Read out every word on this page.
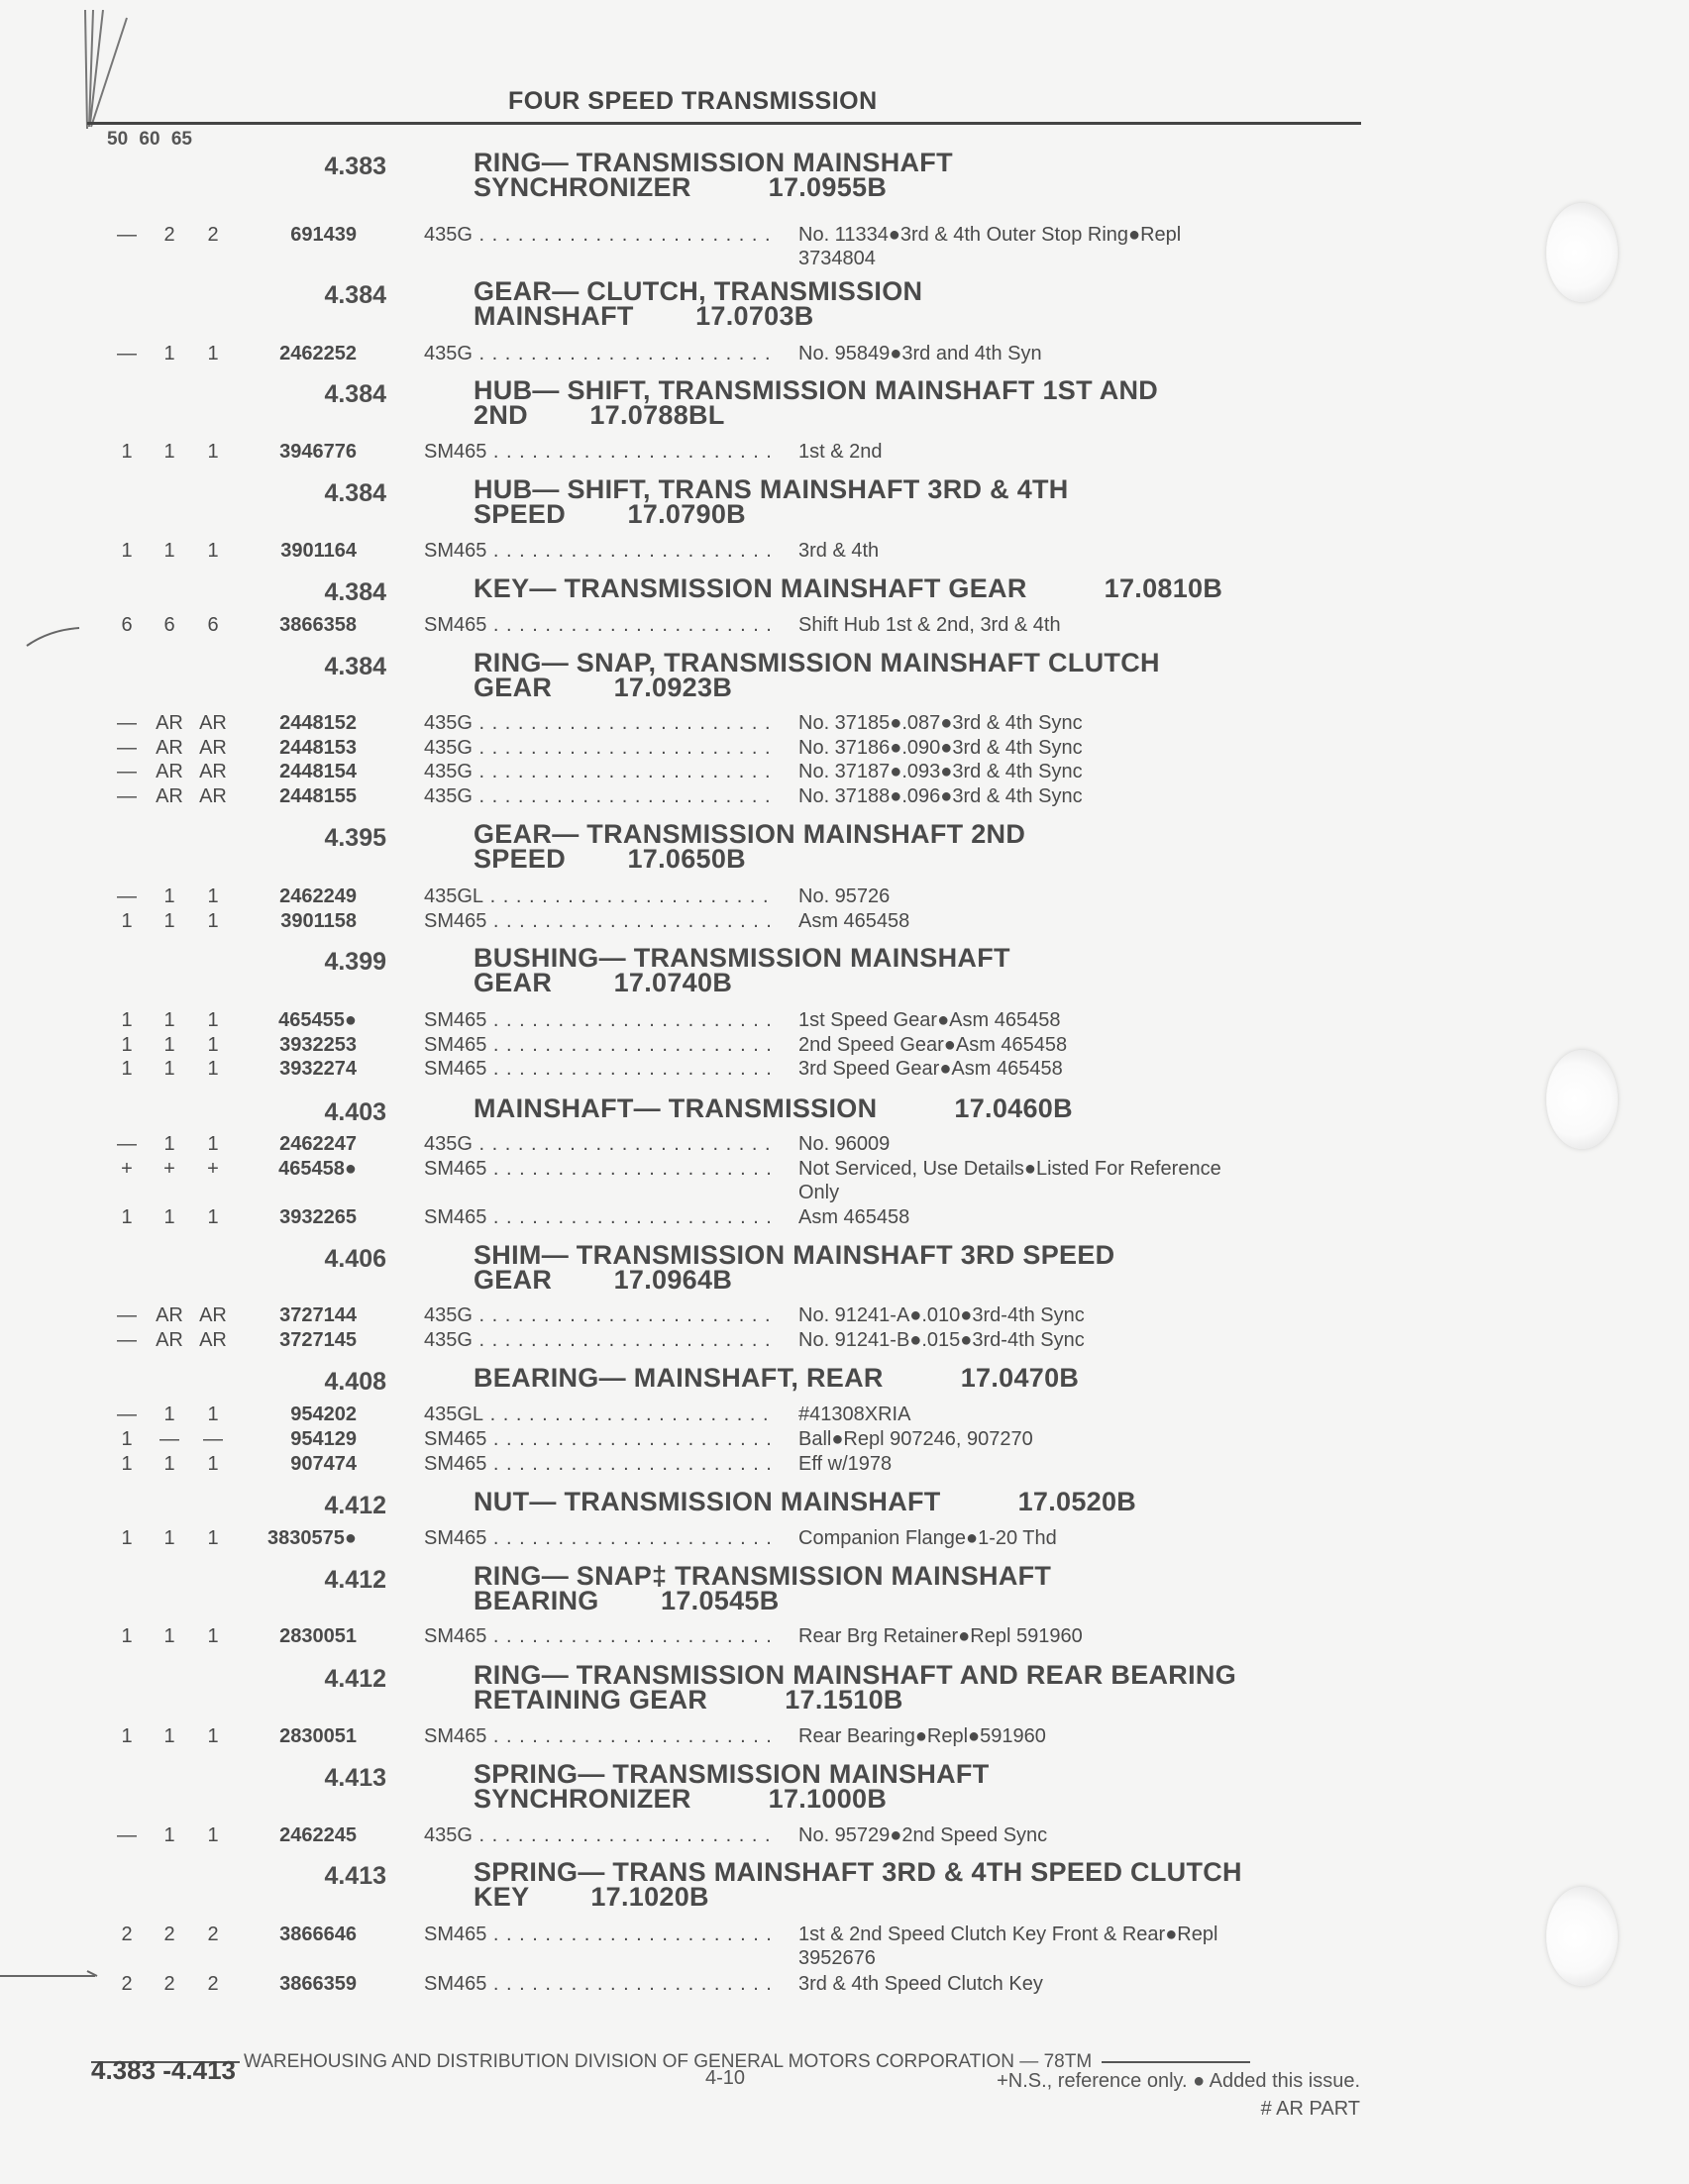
FOUR SPEED TRANSMISSION
50 60 65
4.383	RING— TRANSMISSION MAINSHAFT
SYNCHRONIZER          17.0955B
—	2	2	691439	435G . . .	No. 11334●3rd & 4th Outer Stop Ring●Repl
3734804
4.384	GEAR— CLUTCH, TRANSMISSION
MAINSHAFT        17.0703B
—	1	1	2462252	435G . . .	No. 95849●3rd and 4th Syn
4.384	HUB— SHIFT, TRANSMISSION MAINSHAFT 1ST AND
2ND        17.0788BL
1	1	1	3946776	SM465 . . .	1st & 2nd
4.384	HUB— SHIFT, TRANS MAINSHAFT 3RD & 4TH
SPEED        17.0790B
1	1	1	3901164	SM465 . . .	3rd & 4th
4.384	KEY— TRANSMISSION MAINSHAFT GEAR          17.0810B
6	6	6	3866358	SM465 . . .	Shift Hub 1st & 2nd, 3rd & 4th
4.384	RING— SNAP, TRANSMISSION MAINSHAFT CLUTCH
GEAR        17.0923B
— AR AR	2448152	435G . . .	No. 37185●.087●3rd & 4th Sync
— AR AR	2448153	435G . . .	No. 37186●.090●3rd & 4th Sync
— AR AR	2448154	435G . . .	No. 37187●.093●3rd & 4th Sync
— AR AR	2448155	435G . . .	No. 37188●.096●3rd & 4th Sync
4.395	GEAR— TRANSMISSION MAINSHAFT 2ND
SPEED        17.0650B
—	1	1	2462249	435GL . . .	No. 95726
1	1	1	3901158	SM465 . . .	Asm 465458
4.399	BUSHING— TRANSMISSION MAINSHAFT
GEAR        17.0740B
1	1	1	465455●	SM465 . . .	1st Speed Gear●Asm 465458
1	1	1	3932253	SM465 . . .	2nd Speed Gear●Asm 465458
1	1	1	3932274	SM465 . . .	3rd Speed Gear●Asm 465458
4.403	MAINSHAFT— TRANSMISSION          17.0460B
—	1	1	2462247	435G . . .	No. 96009
+	+	+	465458●	SM465 . . .	Not Serviced, Use Details●Listed For Reference
Only
1	1	1	3932265	SM465 . . .	Asm 465458
4.406	SHIM— TRANSMISSION MAINSHAFT 3RD SPEED
GEAR        17.0964B
— AR AR	3727144	435G . . .	No. 91241-A●.010●3rd-4th Sync
— AR AR	3727145	435G . . .	No. 91241-B●.015●3rd-4th Sync
4.408	BEARING— MAINSHAFT, REAR          17.0470B
—	1	1	954202	435GL . . .	#41308XRIA
1	— —	954129	SM465 . . .	Ball●Repl 907246, 907270
1	1	1	907474	SM465 . . .	Eff w/1978
4.412	NUT— TRANSMISSION MAINSHAFT          17.0520B
1	1	1	3830575●	SM465 . . .	Companion Flange●1-20 Thd
4.412	RING— SNAP‡ TRANSMISSION MAINSHAFT
BEARING        17.0545B
1	1	1	2830051	SM465 . . .	Rear Brg Retainer●Repl 591960
4.412	RING— TRANSMISSION MAINSHAFT AND REAR BEARING
RETAINING GEAR          17.1510B
1	1	1	2830051	SM465 . . .	Rear Bearing●Repl●591960
4.413	SPRING— TRANSMISSION MAINSHAFT
SYNCHRONIZER          17.1000B
—	1	1	2462245	435G . . .	No. 95729●2nd Speed Sync
4.413	SPRING— TRANS MAINSHAFT 3RD & 4TH SPEED CLUTCH
KEY        17.1020B
2	2	2	3866646	SM465 . . .	1st & 2nd Speed Clutch Key Front & Rear●Repl
3952676
2	2	2	3866359	SM465 . . .	3rd & 4th Speed Clutch Key
WAREHOUSING AND DISTRIBUTION DIVISION OF GENERAL MOTORS CORPORATION — 78TM
4.383 -4.413	4-10	+N.S., reference only. ● Added this issue.
# AR PART
